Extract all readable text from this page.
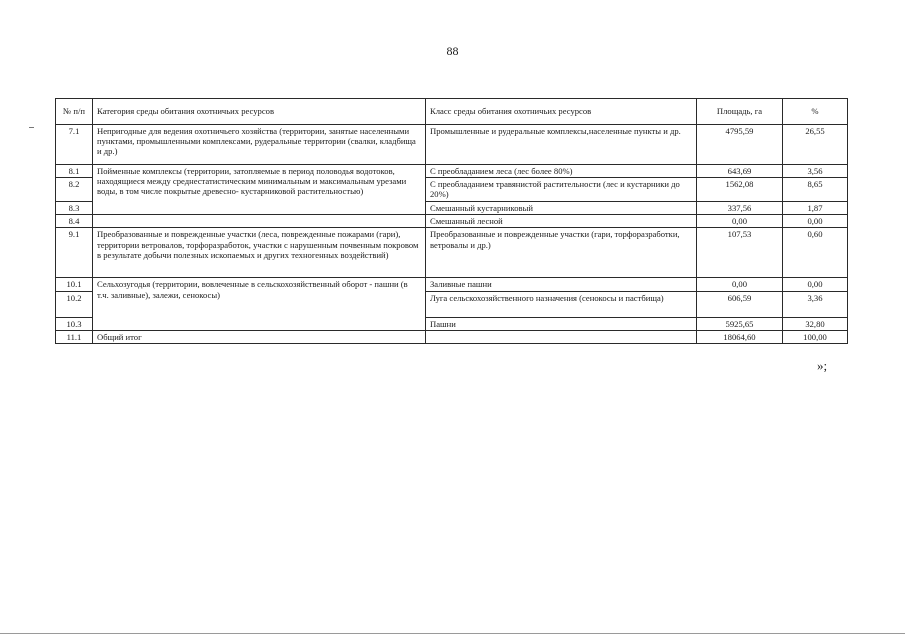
88
№ п/п	Категория среды обитания охотничьих ресурсов	Класс среды обитания охотничьих ресурсов	Площадь, га	%
7.1	Непригодные для ведения охотничьего хозяйства (территории, занятые населенными пунктами, промышленными комплексами, рудеральные территории (свалки, кладбища и др.)	Промышленные и рудеральные комплексы,населенные пункты и др.	4795,59	26,55
8.1	Пойменные комплексы (территории, затопляемые в период половодья водотоков, находящиеся между среднестатистическим минимальным и максимальным урезами воды, в том числе покрытые древесно- кустарниковой растительностью)	С преобладанием леса (лес более 80%)	643,69	3,56
8.2		С преобладанием травянистой растительности (лес и кустарники до 20%)	1562,08	8,65
8.3		Смешанный кустарниковый	337,56	1,87
8.4		Смешанный лесной	0,00	0,00
9.1	Преобразованные и поврежденные участки (леса, поврежденные пожарами (гари), территории ветровалов, торфоразработок, участки с нарушенным почвенным покровом в результате добычи полезных ископаемых и других техногенных воздействий)	Преобразованные и поврежденные участки (гари, торфоразработки, ветровалы и др.)	107,53	0,60
10.1	Сельхозугодья (территории, вовлеченные в сельскохозяйственный оборот - пашни (в т.ч. заливные), залежи, сенокосы)	Заливные пашни	0,00	0,00
10.2		Луга сельскохозяйственного назначения (сенокосы и пастбища)	606,59	3,36
10.3		Пашни	5925,65	32,80
11.1	Общий итог		18064,60	100,00
»;
